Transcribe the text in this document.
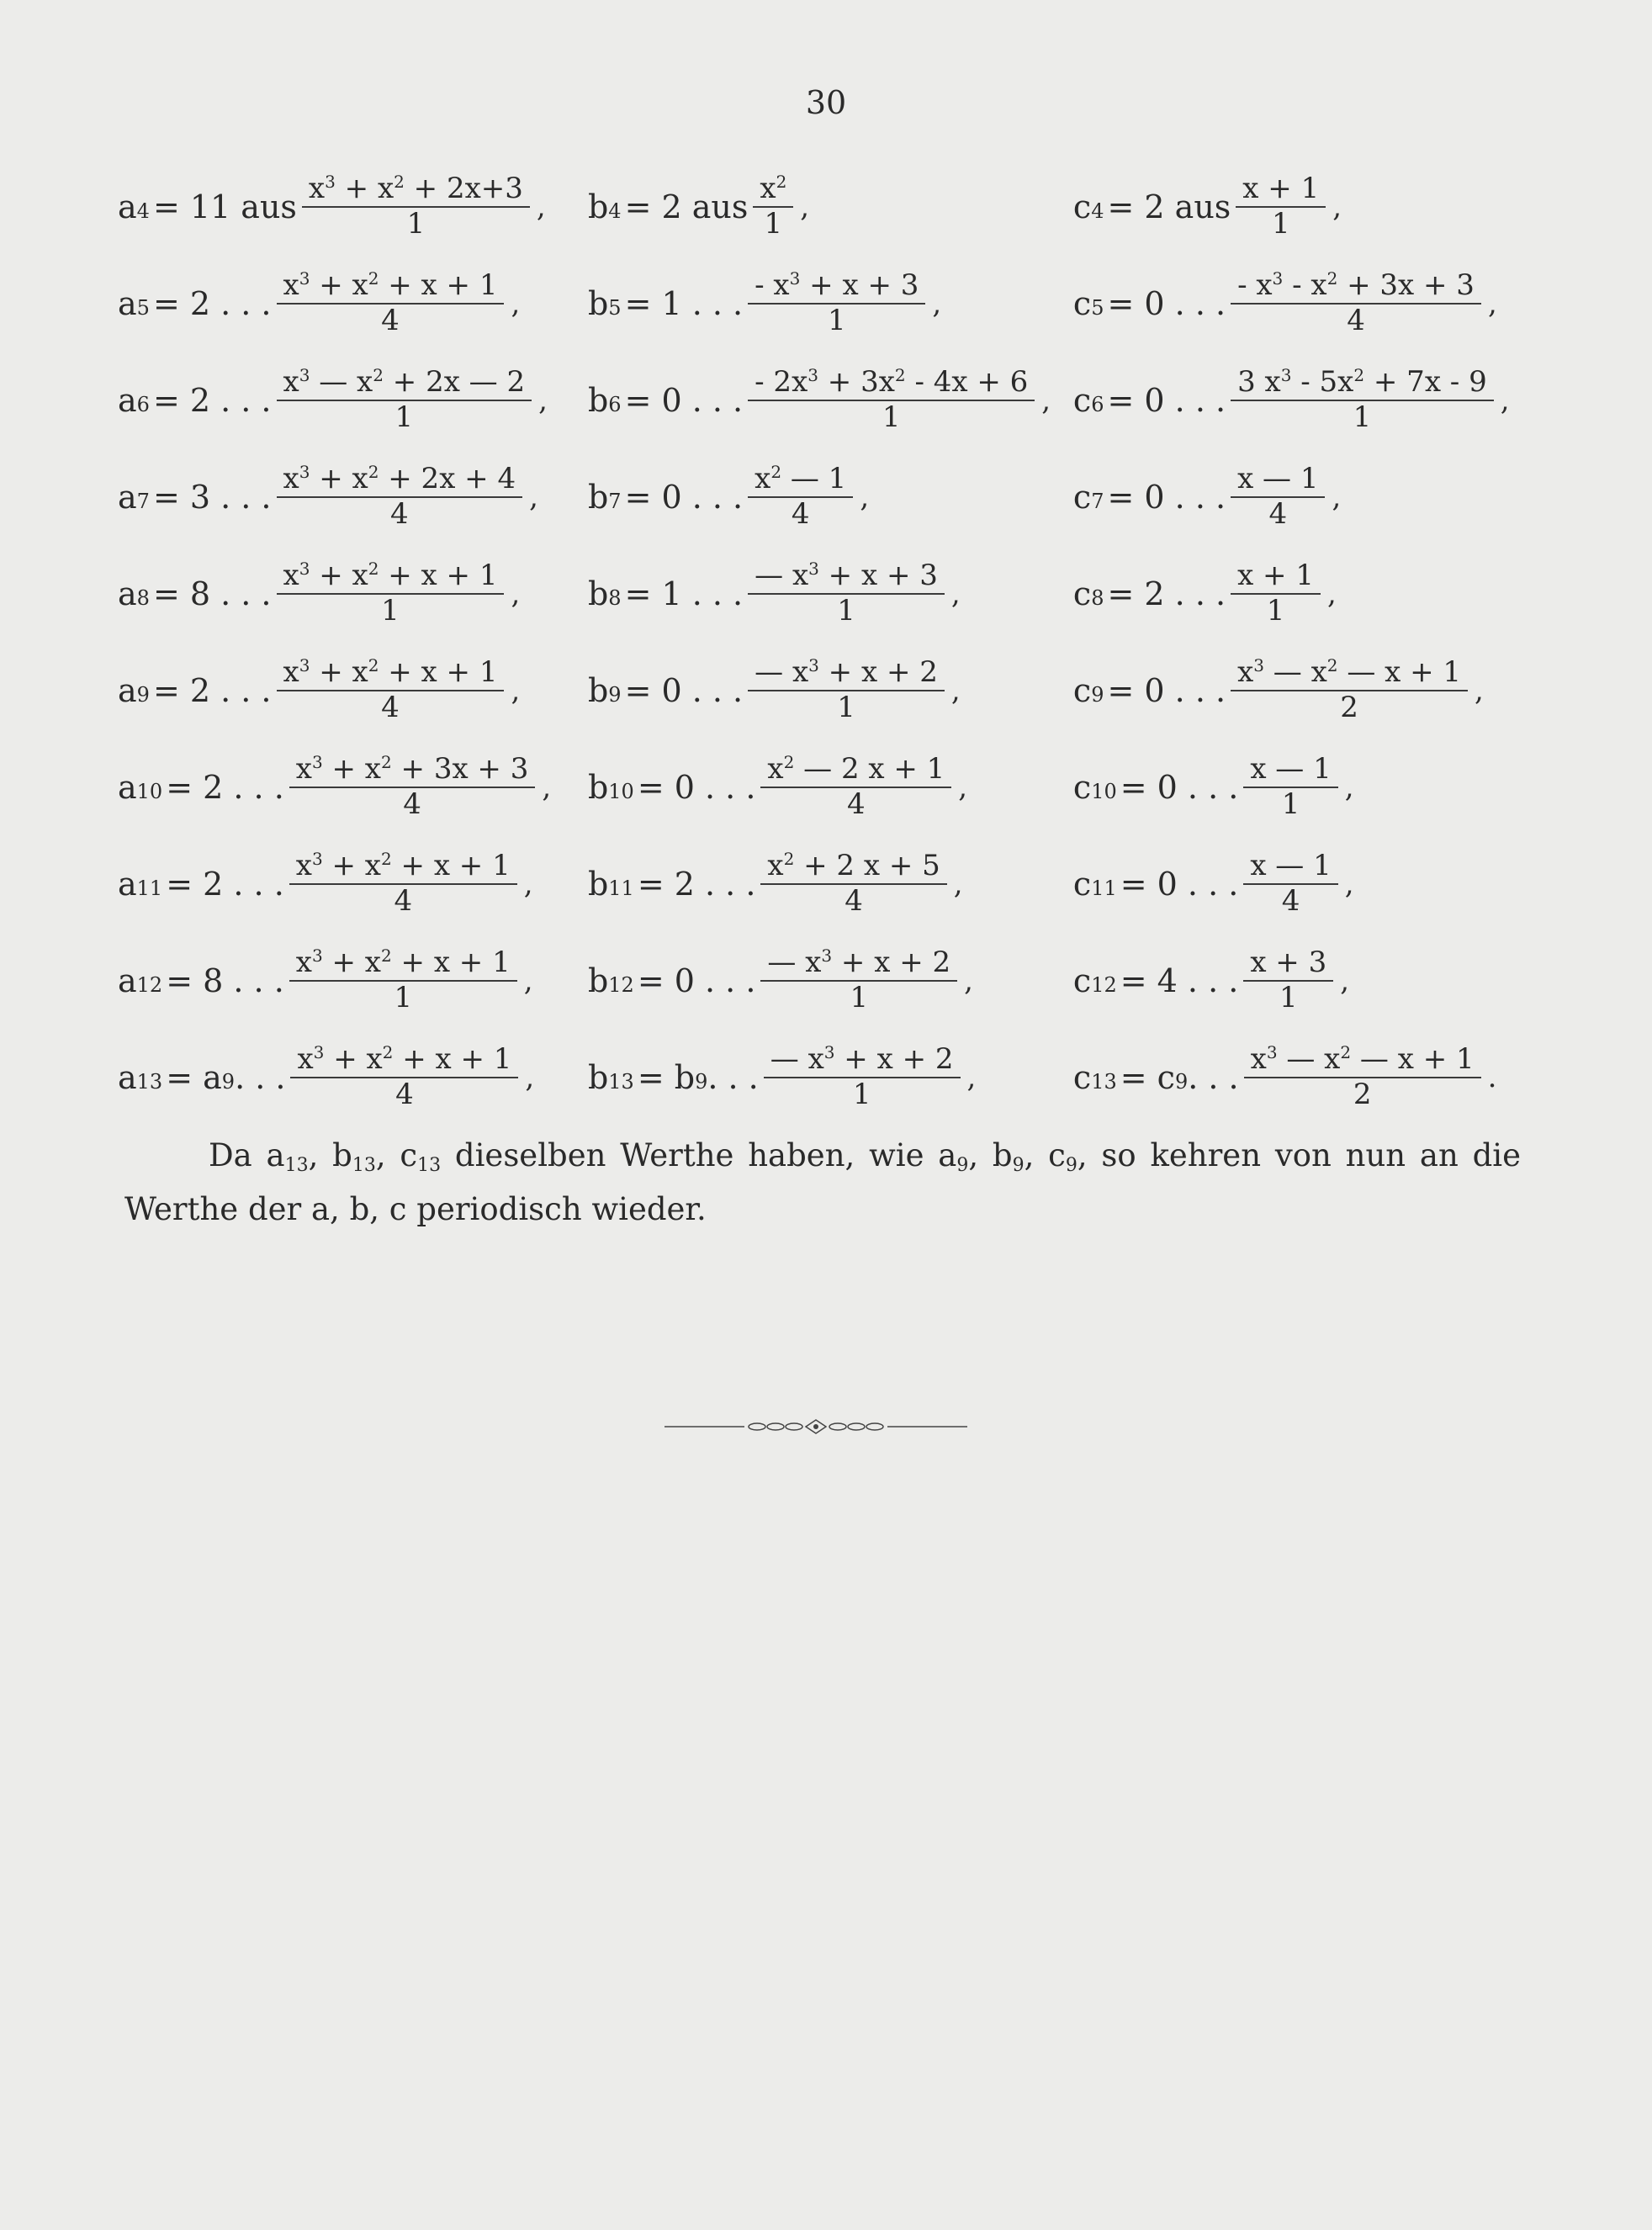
30
a 4 = 11 aus $\frac{x^3 + x^2 + 2x+3}{1}$ , b 4 = 2 aus $\frac{x^2}{1}$ ,	c 4 = 2 aus $\frac{x + 1}{1}$ ,
a 5 = 2 . . . $\frac{x^3 + x^2 + x + 1}{4}$ , b 5 = 1 . . . $\frac{- x^3 + x + 3}{1}$ ,	c 5 = 0 . . . $\frac{- x^3 - x^2 + 3x + 3}{4}$ ,
a 6 = 2 . . . $\frac{x^3 — x^2 + 2x — 2}{1}$ , b 6 = 0 . . . $\frac{- 2x^3 + 3x^2 - 4x + 6}{1}$ , c 6 = 0 . . . $\frac{3 x^3 - 5x^2 + 7x - 9}{1}$ ,
a 7 = 3 . . . $\frac{x^3 + x^2 + 2x + 4}{4}$ , b 7 = 0 . . . $\frac{x^2 — 1}{4}$ ,	c 7 = 0 . . . $\frac{x — 1}{4}$ ,
a 8 = 8 . . . $\frac{x^3 + x^2 + x + 1}{1}$ , b 8 = 1 . . . $\frac{— x^3 + x + 3}{1}$ ,	c 8 = 2 . . . $\frac{x + 1}{1}$ ,
a 9 = 2 . . . $\frac{x^3 + x^2 + x + 1}{4}$ , b 9 = 0 . . . $\frac{— x^3 + x + 2}{1}$ ,	c 9 = 0 . . . $\frac{x^3 — x^2 — x + 1}{2}$ ,
a 10 = 2 . . . $\frac{x^3 + x^2 + 3x + 3}{4}$ , b 10 = 0 . . . $\frac{x^2 — 2 x + 1}{4}$ ,	c 10 = 0 . . . $\frac{x — 1}{1}$ ,
a 11 = 2 . . . $\frac{x^3 + x^2 + x + 1}{4}$ , b 11 = 2 . . . $\frac{x^2 + 2 x + 5}{4}$ ,	c 11 = 0 . . . $\frac{x — 1}{4}$ ,
a 12 = 8 . . . $\frac{x^3 + x^2 + x + 1}{1}$ , b 12 = 0 . . . $\frac{— x^3 + x + 2}{1}$ ,	c 12 = 4 . . . $\frac{x + 3}{1}$ ,
a 13 = a 9 . . . $\frac{x^3 + x^2 + x + 1}{4}$ , b 13 = b 9 . . . $\frac{— x^3 + x + 2}{1}$ ,	c 13 = c 9 . . . $\frac{x^3 — x^2 — x + 1}{2}$ .
Da $a_{13}$, $b_{13}$, $c_{13}$ dieselben Werthe haben, wie $a_9$, $b_9$, $c_9$, so kehren von nun an die Werthe der a, b, c periodisch wieder.
